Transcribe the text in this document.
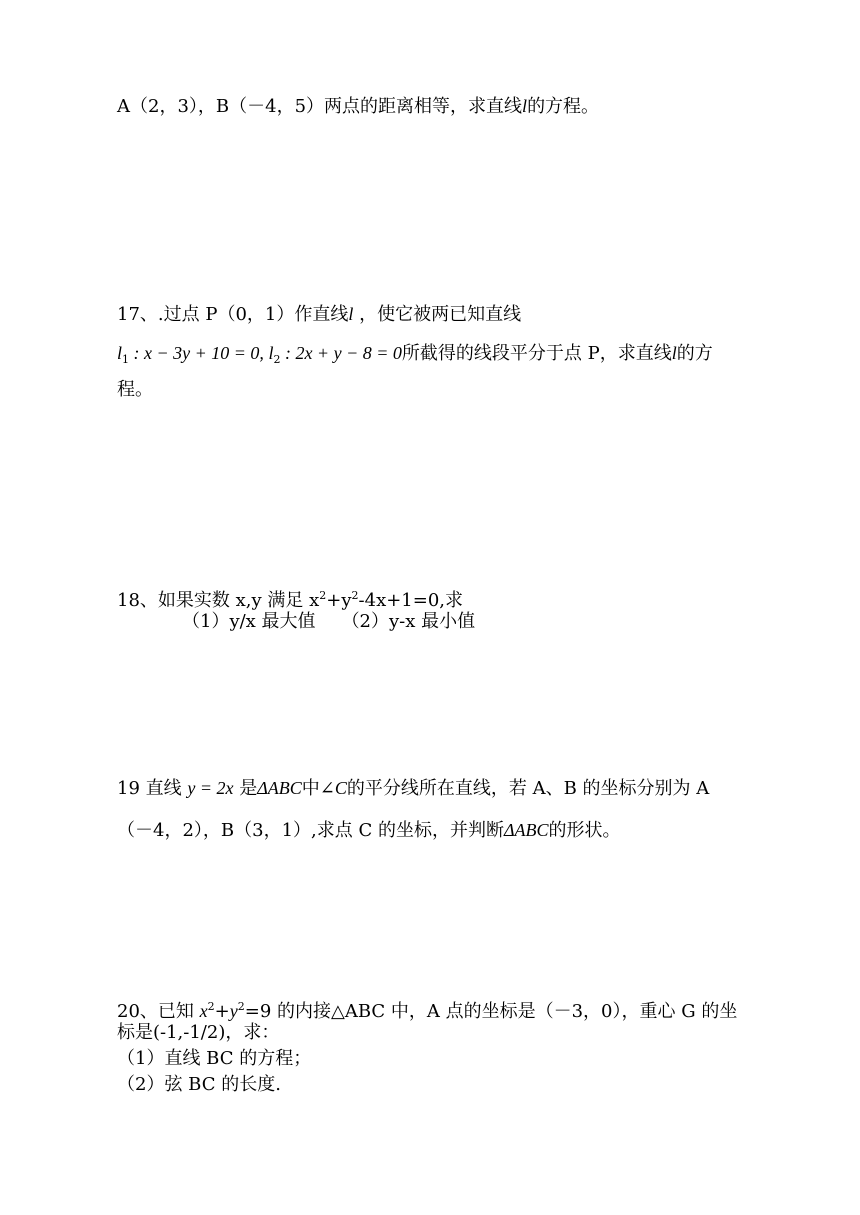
A（2，3），B（－4，5）两点的距离相等，求直线l的方程。
17、.过点 P（0，1）作直线l ，使它被两已知直线
$l_1$ : x − 3y + 10 = 0, $l_2$ : 2x + y − 8 = 0所截得的线段平分于点 P，求直线l的方
程。
18、如果实数 x,y 满足 $x^2+y^2-4x+1=0$,求
（1）y/x 最大值 （2）y-x 最小值
19 直线 y = 2x 是ΔABC中∠C的平分线所在直线，若 A、B 的坐标分别为 A
（－4，2），B（3，1）,求点 C 的坐标，并判断ΔABC的形状。
20、已知 $x^2+y^2=9$ 的内接△ABC 中，A 点的坐标是（－3，0），重心 G 的坐
标是(-1,-1/2)，求：
（1）直线 BC 的方程；
（2）弦 BC 的长度.
